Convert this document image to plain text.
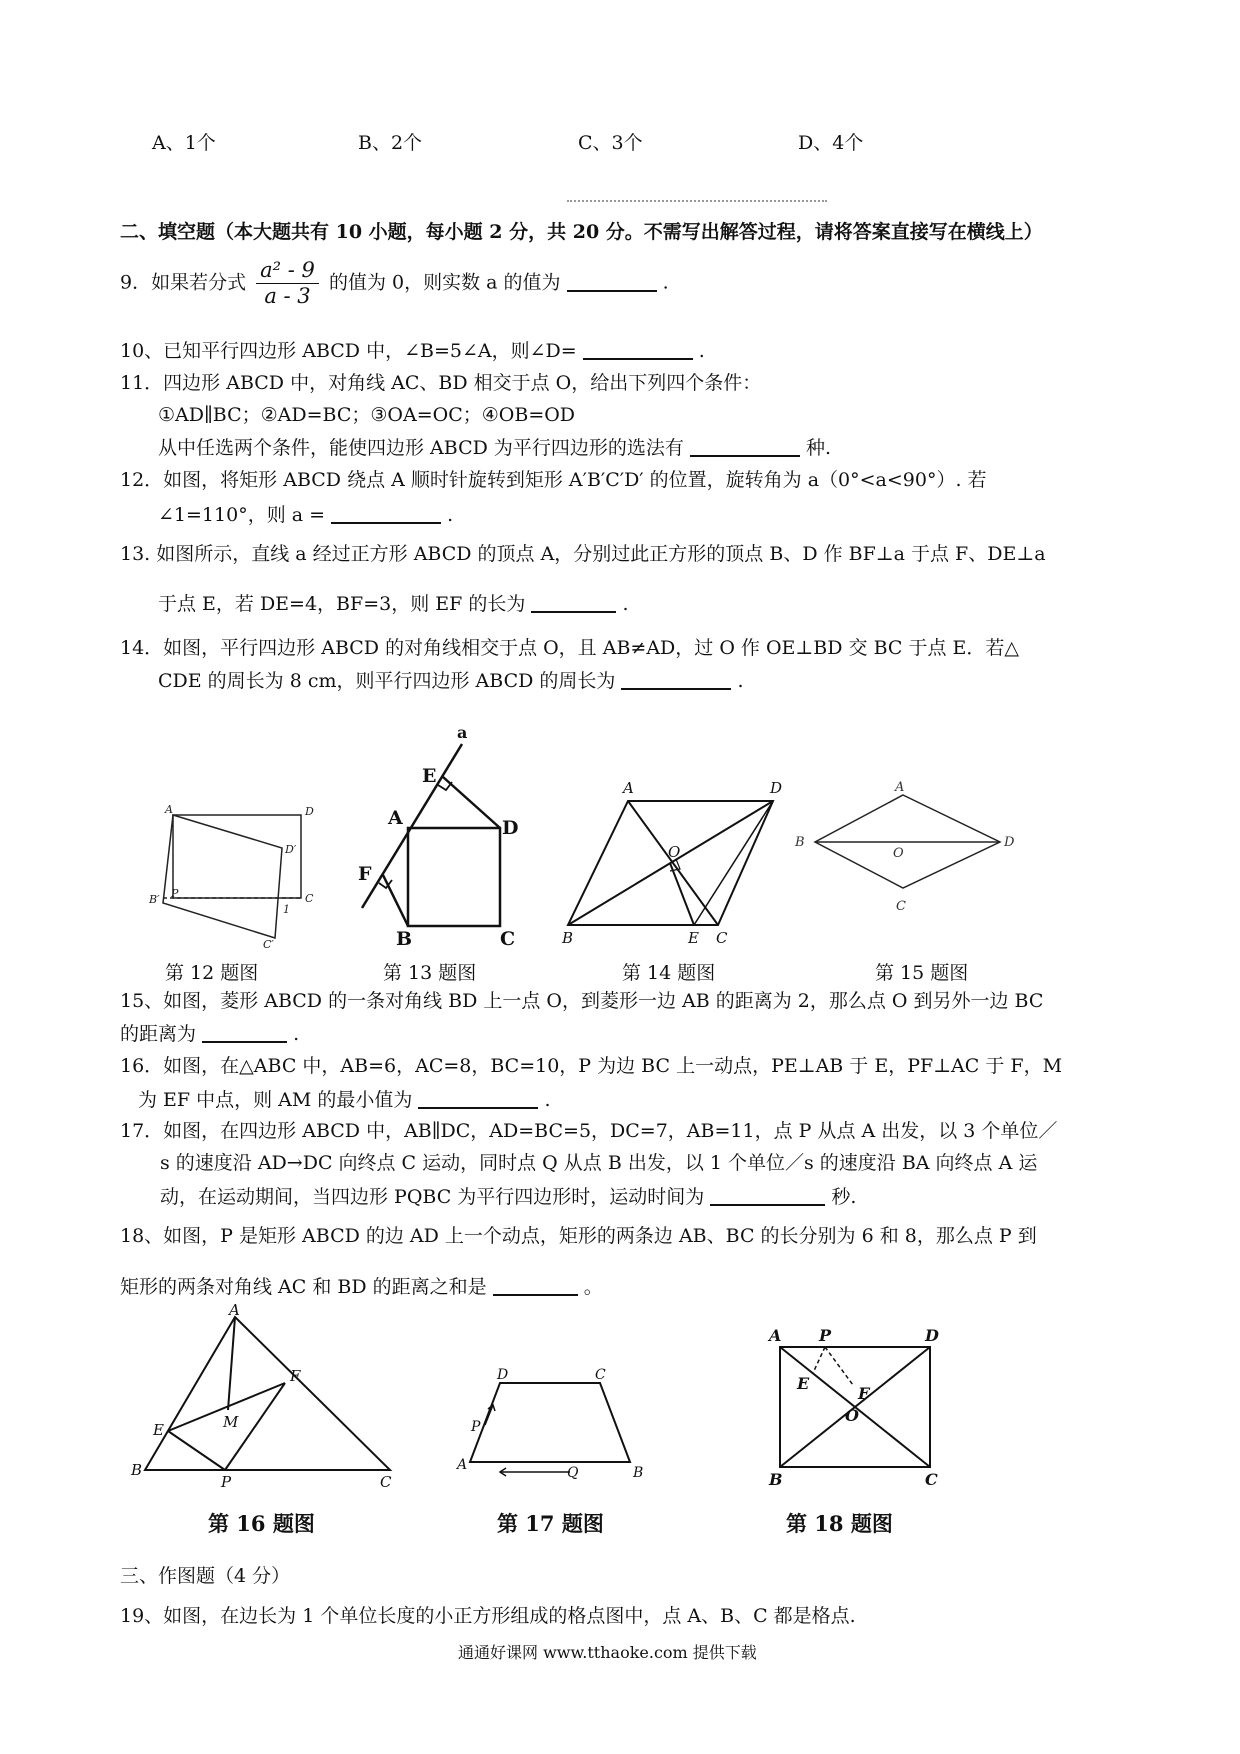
A、1个	B、2个	C、3个	D、4个
二、填空题（本大题共有 10 小题，每小题 2 分，共 20 分。不需写出解答过程，请将答案直接写在横线上）
9．如果若分式 $\frac{\text{a² - 9}}{a - 3}$ 的值为 0，则实数 a 的值为	.
10、已知平行四边形 ABCD 中，∠B=5∠A，则∠D=	.
11．四边形 ABCD 中，对角线 AC、BD 相交于点 O，给出下列四个条件：
①AD∥BC；②AD=BC；③OA=OC；④OB=OD
从中任选两个条件，能使四边形 ABCD 为平行四边形的选法有	种.
12．如图，将矩形 ABCD 绕点 A 顺时针旋转到矩形 A′B′C′D′ 的位置，旋转角为 a（0°<a<90°）. 若
∠1=110°，则 a =	.
13. 如图所示，直线 a 经过正方形 ABCD 的顶点 A，分别过此正方形的顶点 B、D 作 BF⊥a 于点 F、DE⊥a
于点 E，若 DE=4，BF=3，则 EF 的长为	.
14．如图，平行四边形 ABCD 的对角线相交于点 O，且 AB≠AD，过 O 作 OE⊥BD 交 BC 于点 E．若△
CDE 的周长为 8 cm，则平行四边形 ABCD 的周长为	.
A	D
D′
B′ P	C
1
C′
a
E
A	D
F
B	C
A	D
O
B	E C
A
B
O
D
C
第 12 题图	第 13 题图	第 14 题图	第 15 题图
15、如图，菱形 ABCD 的一条对角线 BD 上一点 O，到菱形一边 AB 的距离为 2，那么点 O 到另外一边 BC
的距离为	.
16．如图，在△ABC 中，AB=6，AC=8，BC=10，P 为边 BC 上一动点，PE⊥AB 于 E，PF⊥AC 于 F，M
为 EF 中点，则 AM 的最小值为	.
17．如图，在四边形 ABCD 中，AB∥DC，AD=BC=5，DC=7，AB=11，点 P 从点 A 出发，以 3 个单位／
s 的速度沿 AD→DC 向终点 C 运动，同时点 Q 从点 B 出发，以 1 个单位／s 的速度沿 BA 向终点 A 运
动，在运动期间，当四边形 PQBC 为平行四边形时，运动时间为	秒.
18、如图，P 是矩形 ABCD 的边 AD 上一个动点，矩形的两条边 AB、BC 的长分别为 6 和 8，那么点 P 到
矩形的两条对角线 AC 和 BD 的距离之和是	。
A
F
E	M
B
P	C
D	C
P
A	Q	B
A P	D
E
F
O
B	C
第 16 题图	第 17 题图	第 18 题图
三、作图题（4 分）
19、如图，在边长为 1 个单位长度的小正方形组成的格点图中，点 A、B、C 都是格点.
通通好课网 www.tthaoke.com 提供下载
